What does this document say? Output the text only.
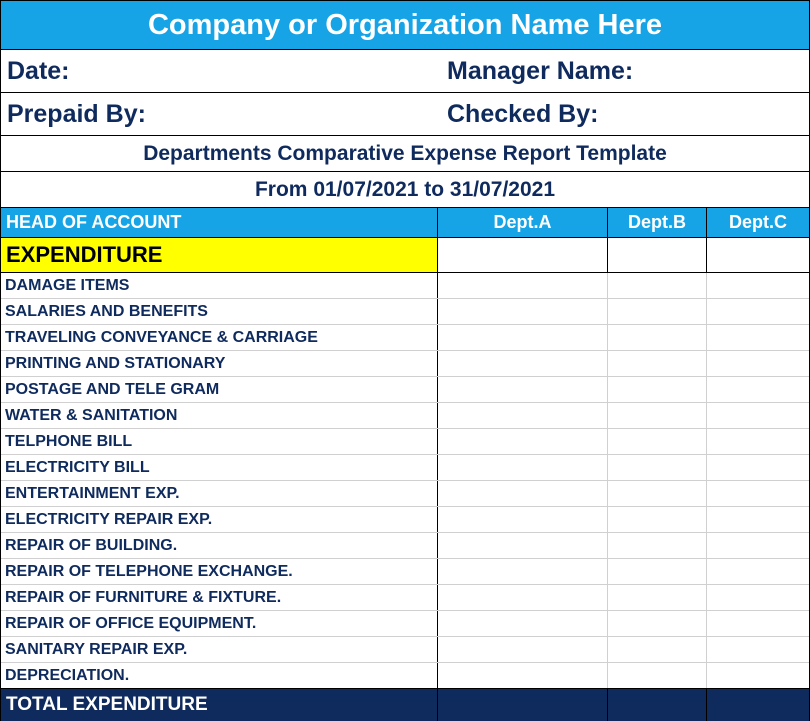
Company or Organization Name Here
Date:	Manager Name:
Prepaid By:	Checked By:
Departments Comparative Expense Report Template
From 01/07/2021 to 31/07/2021
HEAD OF ACCOUNT	Dept.A	Dept.B	Dept.C
EXPENDITURE
DAMAGE ITEMS
SALARIES AND BENEFITS
TRAVELING CONVEYANCE & CARRIAGE
PRINTING AND STATIONARY
POSTAGE AND TELE GRAM
WATER & SANITATION
TELPHONE BILL
ELECTRICITY BILL
ENTERTAINMENT EXP.
ELECTRICITY REPAIR EXP.
REPAIR OF BUILDING.
REPAIR OF TELEPHONE EXCHANGE.
REPAIR OF FURNITURE & FIXTURE.
REPAIR OF OFFICE EQUIPMENT.
SANITARY REPAIR EXP.
DEPRECIATION.
TOTAL EXPENDITURE
